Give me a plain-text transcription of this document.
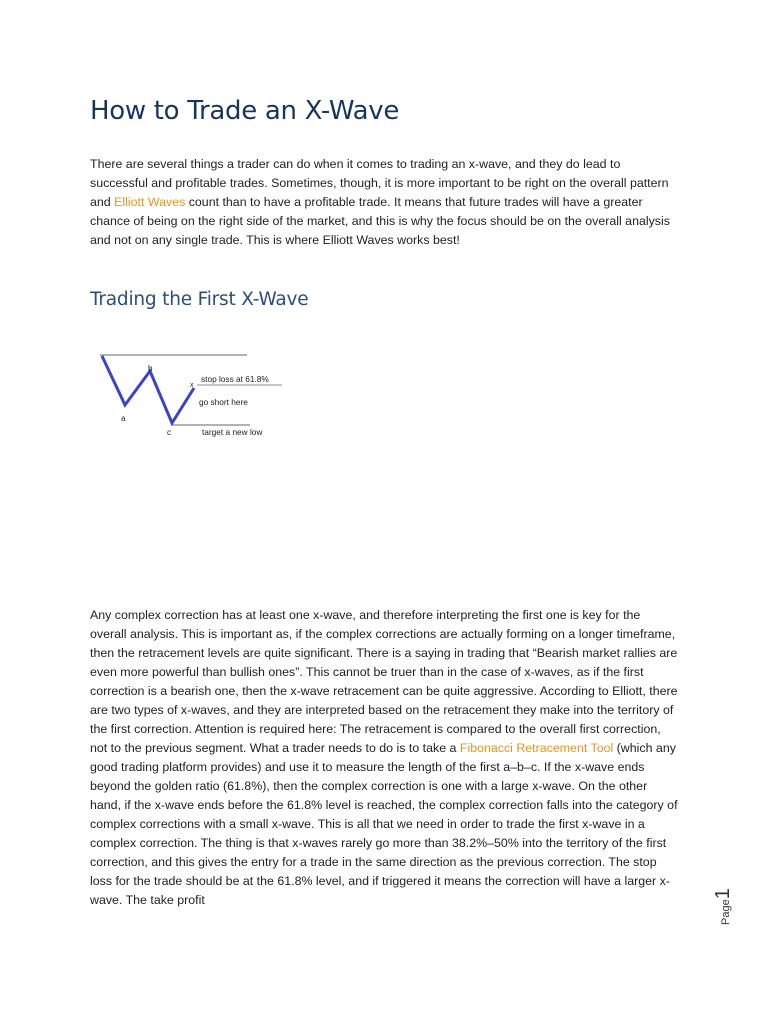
How to Trade an X-Wave

There are several things a trader can do when it comes to trading an x-wave, and they do lead to successful and profitable trades. Sometimes, though, it is more important to be right on the overall pattern and Elliott Waves count than to have a profitable trade. It means that future trades will have a greater chance of being on the right side of the market, and this is why the focus should be on the overall analysis and not on any single trade. This is where Elliott Waves works best!

Trading the First X-Wave
a
b
c
x
stop loss at 61.8%
go short here
target a new low

Any complex correction has at least one x-wave, and therefore interpreting the first one is key for the overall analysis. This is important as, if the complex corrections are actually forming on a longer timeframe, then the retracement levels are quite significant. There is a saying in trading that “Bearish market rallies are even more powerful than bullish ones”. This cannot be truer than in the case of x-waves, as if the first correction is a bearish one, then the x-wave retracement can be quite aggressive. According to Elliott, there are two types of x-waves, and they are interpreted based on the retracement they make into the territory of the first correction. Attention is required here: The retracement is compared to the overall first correction, not to the previous segment. What a trader needs to do is to take a Fibonacci Retracement Tool (which any good trading platform provides) and use it to measure the length of the first a–b–c. If the x-wave ends beyond the golden ratio (61.8%), then the complex correction is one with a large x-wave. On the other hand, if the x-wave ends before the 61.8% level is reached, the complex correction falls into the category of complex corrections with a small x-wave. This is all that we need in order to trade the first x-wave in a complex correction. The thing is that x-waves rarely go more than 38.2%–50% into the territory of the first correction, and this gives the entry for a trade in the same direction as the previous correction. The stop loss for the trade should be at the 61.8% level, and if triggered it means the correction will have a larger x-wave. The take profit	Page1
